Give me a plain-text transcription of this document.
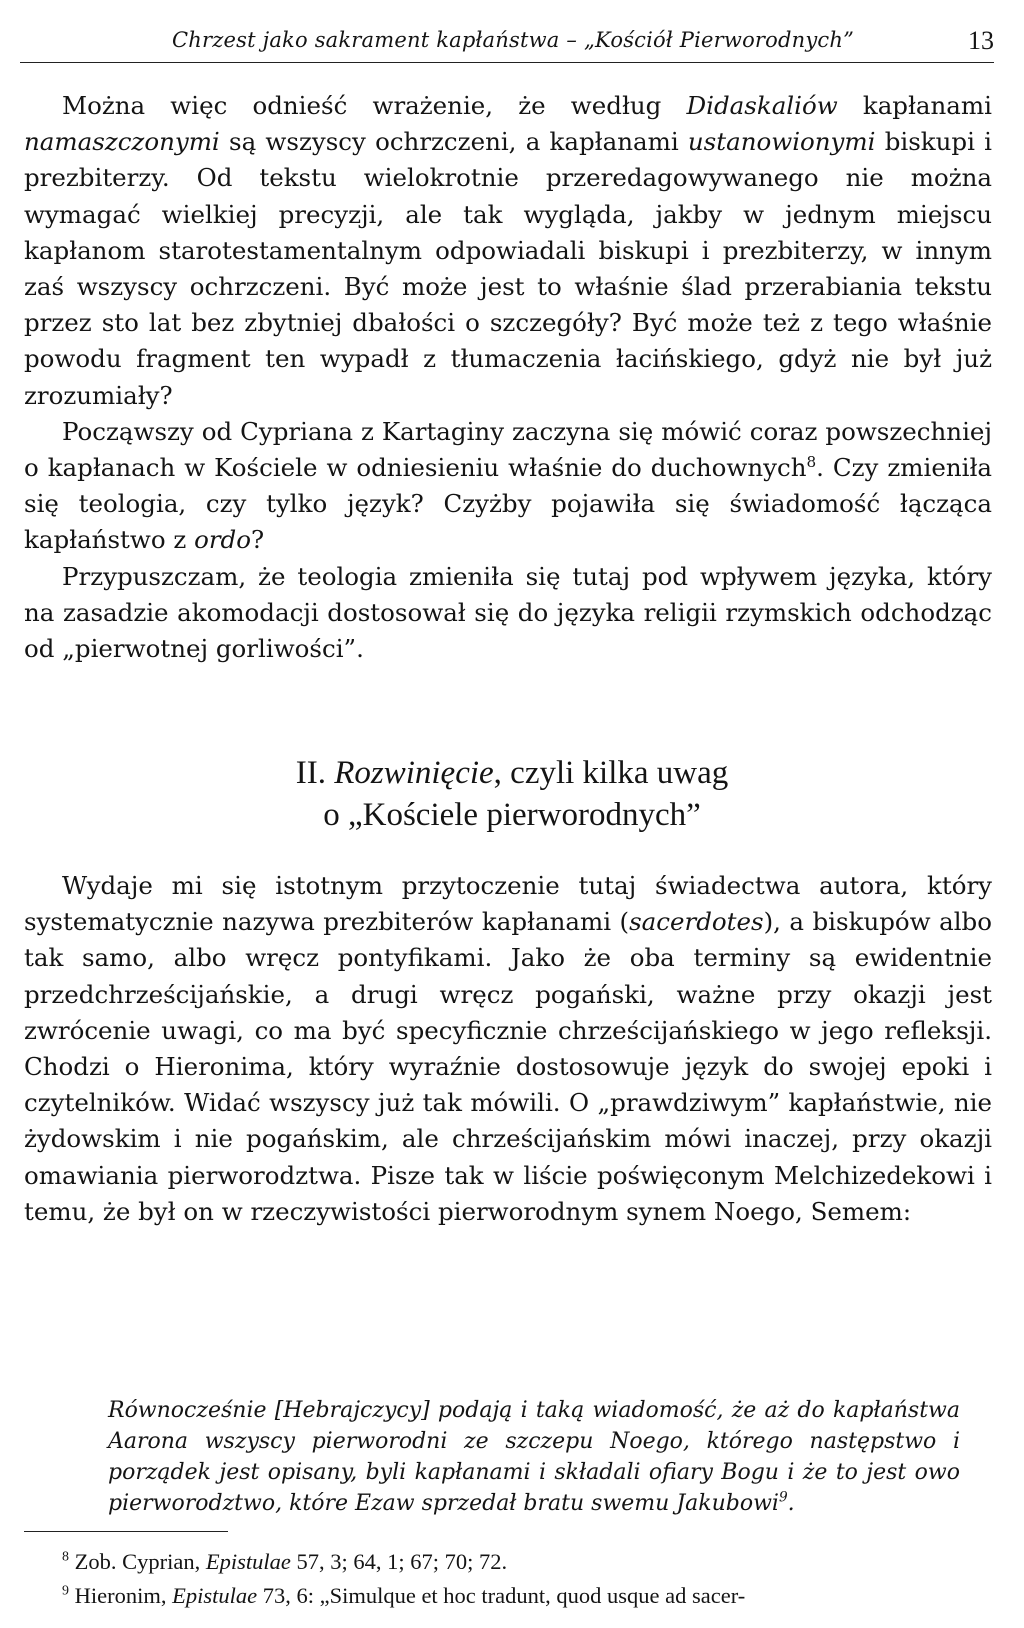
Chrzest jako sakrament kapłaństwa – „Kościół Pierworodnych”	13

Można więc odnieść wrażenie, że według Didaskaliów kapłanami namaszczonymi są wszyscy ochrzczeni, a kapłanami ustanowionymi biskupi i prezbiterzy. Od tekstu wielokrotnie przeredagowywanego nie można wymagać wielkiej precyzji, ale tak wygląda, jakby w jednym miejscu kapłanom starotestamentalnym odpowiadali biskupi i prezbiterzy, w innym zaś wszyscy ochrzczeni. Być może jest to właśnie ślad przerabiania tekstu przez sto lat bez zbytniej dbałości o szczegóły? Być może też z tego właśnie powodu fragment ten wypadł z tłumaczenia łacińskiego, gdyż nie był już zrozumiały?

Począwszy od Cypriana z Kartaginy zaczyna się mówić coraz powszechniej o kapłanach w Kościele w odniesieniu właśnie do duchownych$^8$. Czy zmieniła się teologia, czy tylko język? Czyżby pojawiła się świadomość łącząca kapłaństwo z ordo?

Przypuszczam, że teologia zmieniła się tutaj pod wpływem języka, który na zasadzie akomodacji dostosował się do języka religii rzymskich odchodząc od „pierwotnej gorliwości”.

II. Rozwinięcie, czyli kilka uwag
o „Kościele pierworodnych”

Wydaje mi się istotnym przytoczenie tutaj świadectwa autora, który systematycznie nazywa prezbiterów kapłanami (sacerdotes), a biskupów albo tak samo, albo wręcz pontyfikami. Jako że oba terminy są ewidentnie przedchrześcijańskie, a drugi wręcz pogański, ważne przy okazji jest zwrócenie uwagi, co ma być specyficznie chrześcijańskiego w jego refleksji. Chodzi o Hieronima, który wyraźnie dostosowuje język do swojej epoki i czytelników. Widać wszyscy już tak mówili. O „prawdziwym” kapłaństwie, nie żydowskim i nie pogańskim, ale chrześcijańskim mówi inaczej, przy okazji omawiania pierworodztwa. Pisze tak w liście poświęconym Melchizedekowi i temu, że był on w rzeczywistości pierworodnym synem Noego, Semem:

Równocześnie [Hebrajczycy] podają i taką wiadomość, że aż do kapłaństwa Aarona wszyscy pierworodni ze szczepu Noego, którego następstwo i porządek jest opisany, byli kapłanami i składali ofiary Bogu i że to jest owo pierworodztwo, które Ezaw sprzedał bratu swemu Jakubowi$^9$.

$^8$ Zob. Cyprian, Epistulae 57, 3; 64, 1; 67; 70; 72.
$^9$ Hieronim, Epistulae 73, 6: „Simulque et hoc tradunt, quod usque ad sacer-
